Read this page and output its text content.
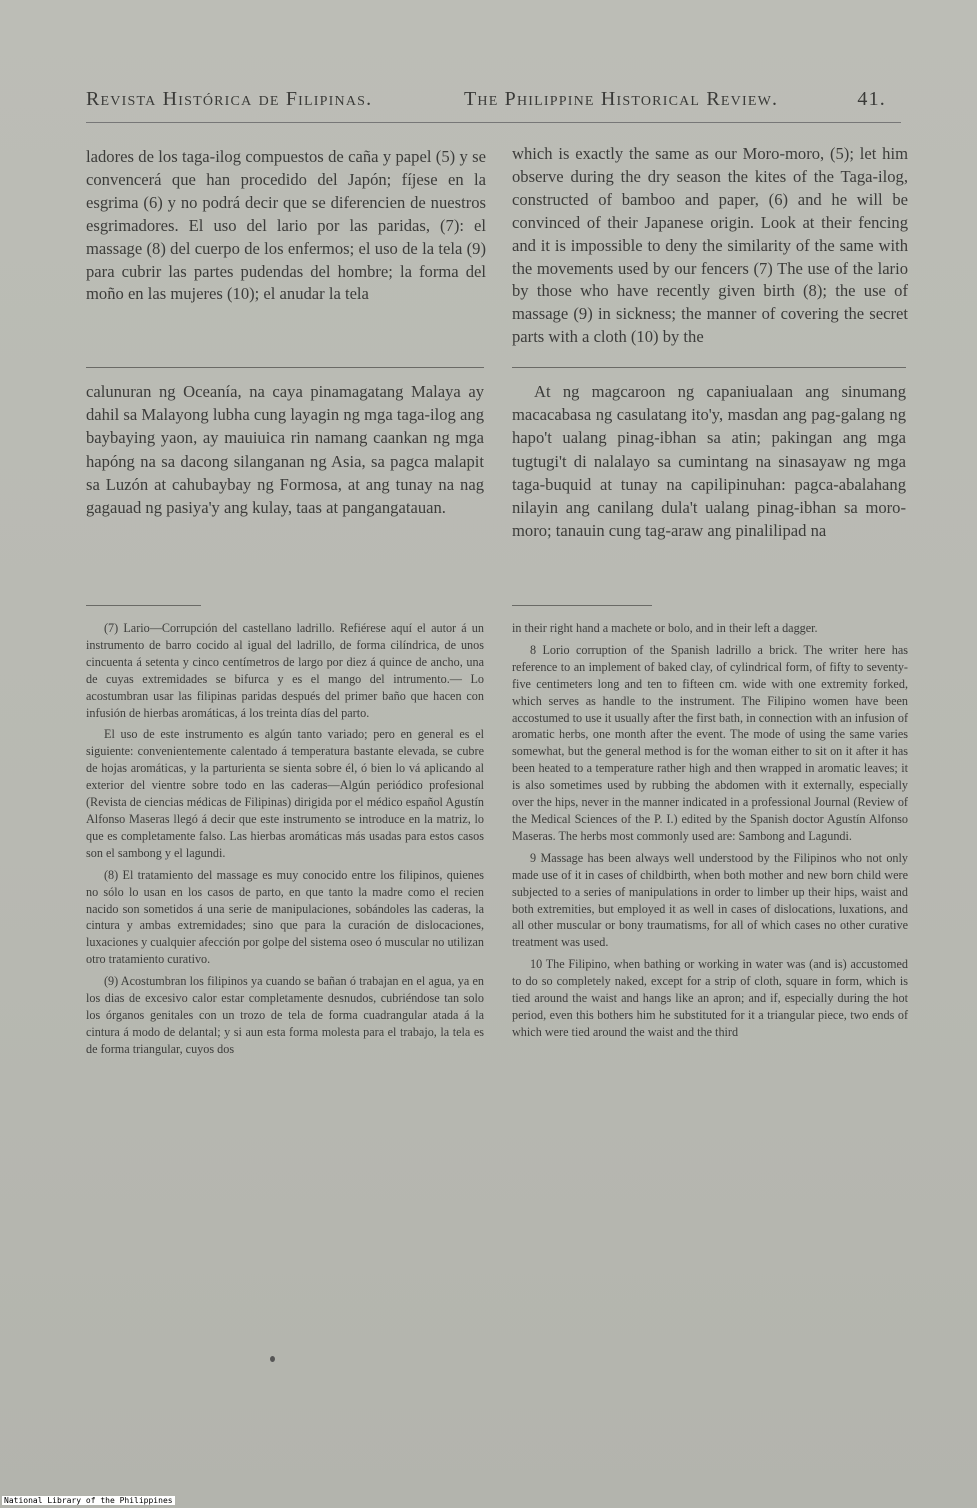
Revista Histórica de Filipinas.	The Philippine Historical Review.	41.

ladores de los taga-ilog compuestos de caña y papel (5) y se convencerá que han procedido del Japón; fíjese en la esgrima (6) y no podrá decir que se diferencien de nuestros esgrimadores. El uso del lario por las paridas, (7): el massage (8) del cuerpo de los enfermos; el uso de la tela (9) para cubrir las partes pudendas del hombre; la forma del moño en las mujeres (10); el anudar la tela

which is exactly the same as our Moro-moro, (5); let him observe during the dry season the kites of the Taga-ilog, constructed of bamboo and paper, (6) and he will be convinced of their Japanese origin. Look at their fencing and it is impossible to deny the similarity of the same with the movements used by our fencers (7) The use of the lario by those who have recently given birth (8); the use of massage (9) in sickness; the manner of covering the secret parts with a cloth (10) by the

calunuran ng Oceanía, na caya pinamagatang Malaya ay dahil sa Malayong lubha cung layagin ng mga taga-ilog ang baybaying yaon, ay mauiuica rin namang caankan ng mga hapóng na sa dacong silanganan ng Asia, sa pagca malapit sa Luzón at cahubaybay ng Formosa, at ang tunay na nag gagauad ng pasiya'y ang kulay, taas at pangangatauan.

At ng magcaroon ng capaniualaan ang sinumang macacabasa ng casulatang ito'y, masdan ang pag-galang ng hapo't ualang pinag-ibhan sa atin; pakingan ang mga tugtugi't di nalalayo sa cumintang na sinasayaw ng mga taga-buquid at tunay na capilipinuhan: pagca-abalahang nilayin ang canilang dula't ualang pinag-ibhan sa moro-moro; tanauin cung tag-araw ang pinalilipad na

(7) Lario—Corrupción del castellano ladrillo. Refiérese aquí el autor á un instrumento de barro cocido al igual del ladrillo, de forma cilíndrica, de unos cincuenta á setenta y cinco centímetros de largo por diez á quince de ancho, una de cuyas extremidades se bifurca y es el mango del intrumento.— Lo acostumbran usar las filipinas paridas después del primer baño que hacen con infusión de hierbas aromáticas, á los treinta días del parto.

El uso de este instrumento es algún tanto variado; pero en general es el siguiente: convenientemente calentado á temperatura bastante elevada, se cubre de hojas aromáticas, y la parturienta se sienta sobre él, ó bien lo vá aplicando al exterior del vientre sobre todo en las caderas—Algún periódico profesional (Revista de ciencias médicas de Filipinas) dirigida por el médico español Agustín Alfonso Maseras llegó á decir que este instrumento se introduce en la matriz, lo que es completamente falso. Las hierbas aromáticas más usadas para estos casos son el sambong y el lagundi.

(8) El tratamiento del massage es muy conocido entre los filipinos, quienes no sólo lo usan en los casos de parto, en que tanto la madre como el recien nacido son sometidos á una serie de manipulaciones, sobándoles las caderas, la cintura y ambas extremidades; sino que para la curación de dislocaciones, luxaciones y cualquier afección por golpe del sistema oseo ó muscular no utilizan otro tratamiento curativo.

(9) Acostumbran los filipinos ya cuando se bañan ó trabajan en el agua, ya en los dias de excesivo calor estar completamente desnudos, cubriéndose tan solo los órganos genitales con un trozo de tela de forma cuadrangular atada á la cintura á modo de delantal; y si aun esta forma molesta para el trabajo, la tela es de forma triangular, cuyos dos

in their right hand a machete or bolo, and in their left a dagger.

8 Lorio corruption of the Spanish ladrillo a brick. The writer here has reference to an implement of baked clay, of cylindrical form, of fifty to seventy-five centimeters long and ten to fifteen cm. wide with one extremity forked, which serves as handle to the instrument. The Filipino women have been accostumed to use it usually after the first bath, in connection with an infusion of aromatic herbs, one month after the event. The mode of using the same varies somewhat, but the general method is for the woman either to sit on it after it has been heated to a temperature rather high and then wrapped in aromatic leaves; it is also sometimes used by rubbing the abdomen with it externally, especially over the hips, never in the manner indicated in a professional Journal (Review of the Medical Sciences of the P. I.) edited by the Spanish doctor Agustín Alfonso Maseras. The herbs most commonly used are: Sambong and Lagundi.

9 Massage has been always well understood by the Filipinos who not only made use of it in cases of childbirth, when both mother and new born child were subjected to a series of manipulations in order to limber up their hips, waist and both extremities, but employed it as well in cases of dislocations, luxations, and all other muscular or bony traumatisms, for all of which cases no other curative treatment was used.

10 The Filipino, when bathing or working in water was (and is) accustomed to do so completely naked, except for a strip of cloth, square in form, which is tied around the waist and hangs like an apron; and if, especially during the hot period, even this bothers him he substituted for it a triangular piece, two ends of which were tied around the waist and the third

National Library of the Philippines
